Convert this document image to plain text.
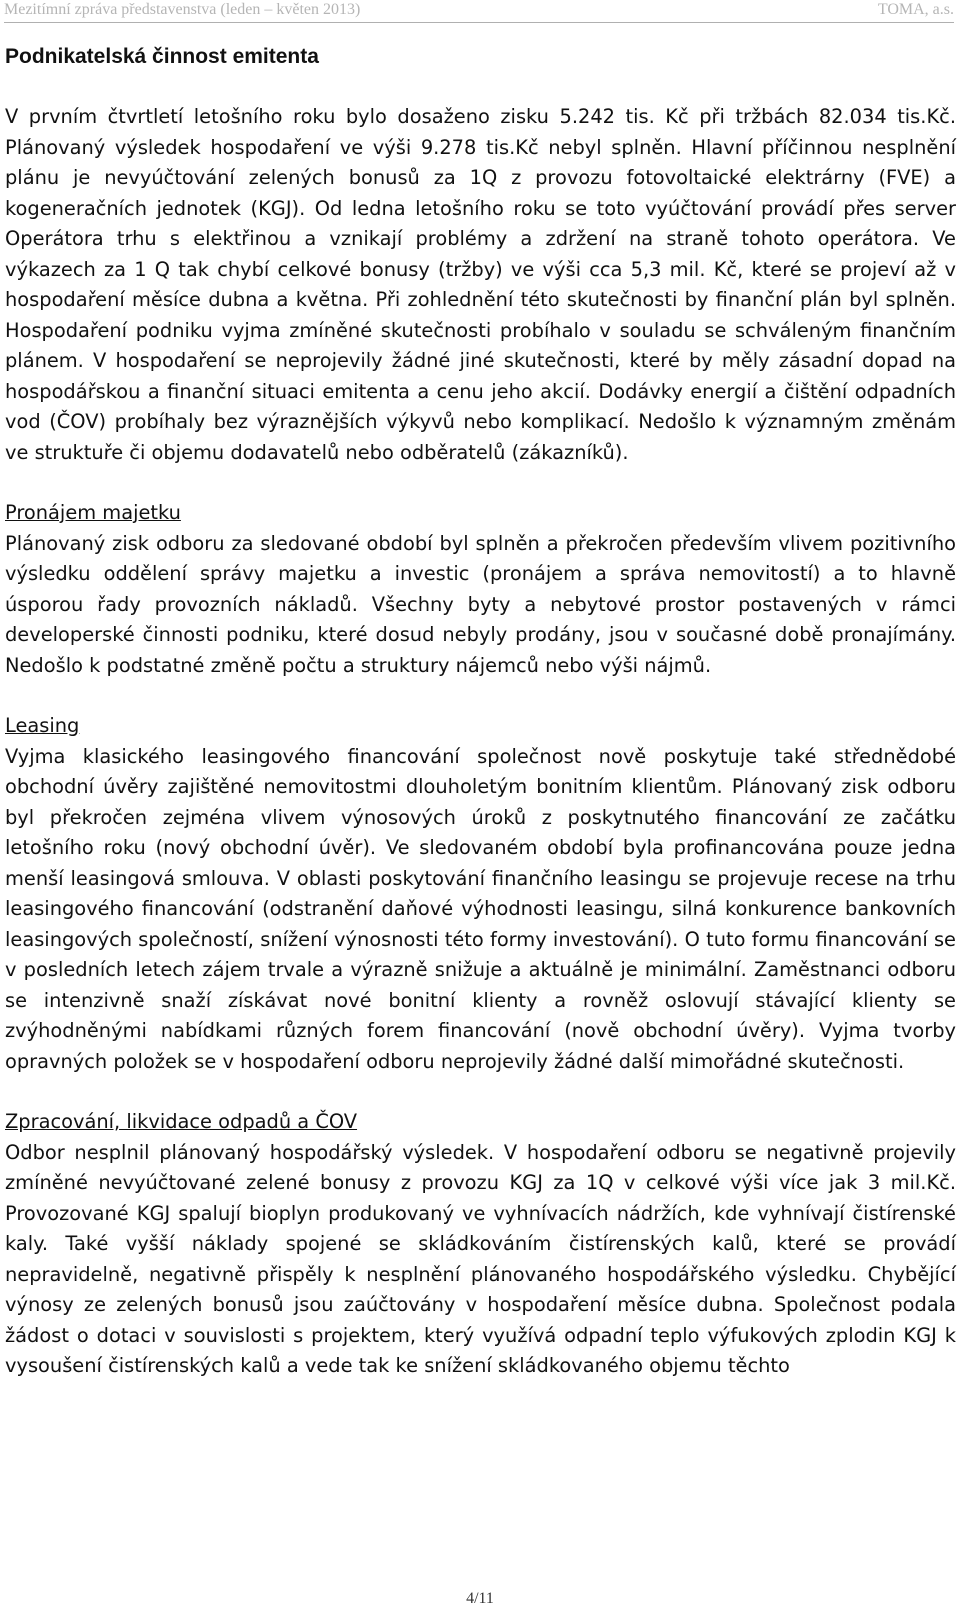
Mezitímní zpráva představenstva (leden – květen 2013)	TOMA, a.s.
Podnikatelská činnost emitenta

V prvním čtvrtletí letošního roku bylo dosaženo zisku 5.242 tis. Kč při tržbách 82.034 tis.Kč. Plánovaný výsledek hospodaření ve výši 9.278 tis.Kč nebyl splněn. Hlavní příčinnou nesplnění plánu je nevyúčtování zelených bonusů za 1Q z provozu fotovoltaické elektrárny (FVE) a kogeneračních jednotek (KGJ). Od ledna letošního roku se toto vyúčtování provádí přes server Operátora trhu s elektřinou a vznikají problémy a zdržení na straně tohoto operátora. Ve výkazech za 1 Q tak chybí celkové bonusy (tržby) ve výši cca 5,3 mil. Kč, které se projeví až v hospodaření měsíce dubna a května. Při zohlednění této skutečnosti by finanční plán byl splněn. Hospodaření podniku vyjma zmíněné skutečnosti probíhalo v souladu se schváleným finančním plánem. V hospodaření se neprojevily žádné jiné skutečnosti, které by měly zásadní dopad na hospodářskou a finanční situaci emitenta a cenu jeho akcií. Dodávky energií a čištění odpadních vod (ČOV) probíhaly bez výraznějších výkyvů nebo komplikací. Nedošlo k významným změnám ve struktuře či objemu dodavatelů nebo odběratelů (zákazníků).

Pronájem majetku

Plánovaný zisk odboru za sledované období byl splněn a překročen především vlivem pozitivního výsledku oddělení správy majetku a investic (pronájem a správa nemovitostí) a to hlavně úsporou řady provozních nákladů. Všechny byty a nebytové prostor postavených v rámci developerské činnosti podniku, které dosud nebyly prodány, jsou v současné době pronajímány. Nedošlo k podstatné změně počtu a struktury nájemců nebo výši nájmů.

Leasing

Vyjma klasického leasingového financování společnost nově poskytuje také střednědobé obchodní úvěry zajištěné nemovitostmi dlouholetým bonitním klientům. Plánovaný zisk odboru byl překročen zejména vlivem výnosových úroků z poskytnutého financování ze začátku letošního roku (nový obchodní úvěr). Ve sledovaném období byla profinancována pouze jedna menší leasingová smlouva. V oblasti poskytování finančního leasingu se projevuje recese na trhu leasingového financování (odstranění daňové výhodnosti leasingu, silná konkurence bankovních leasingových společností, snížení výnosnosti této formy investování). O tuto formu financování se v posledních letech zájem trvale a výrazně snižuje a aktuálně je minimální. Zaměstnanci odboru se intenzivně snaží získávat nové bonitní klienty a rovněž oslovují stávající klienty se zvýhodněnými nabídkami různých forem financování (nově obchodní úvěry). Vyjma tvorby opravných položek se v hospodaření odboru neprojevily žádné další mimořádné skutečnosti.

Zpracování, likvidace odpadů a ČOV

Odbor nesplnil plánovaný hospodářský výsledek. V hospodaření odboru se negativně projevily zmíněné nevyúčtované zelené bonusy z provozu KGJ za 1Q v celkové výši více jak 3 mil.Kč. Provozované KGJ spalují bioplyn produkovaný ve vyhnívacích nádržích, kde vyhnívají čistírenské kaly. Také vyšší náklady spojené se skládkováním čistírenských kalů, které se provádí nepravidelně, negativně přispěly k nesplnění plánovaného hospodářského výsledku. Chybějící výnosy ze zelených bonusů jsou zaúčtovány v hospodaření měsíce dubna. Společnost podala žádost o dotaci v souvislosti s projektem, který využívá odpadní teplo výfukových zplodin KGJ k vysoušení čistírenských kalů a vede tak ke snížení skládkovaného objemu těchto

4/11
